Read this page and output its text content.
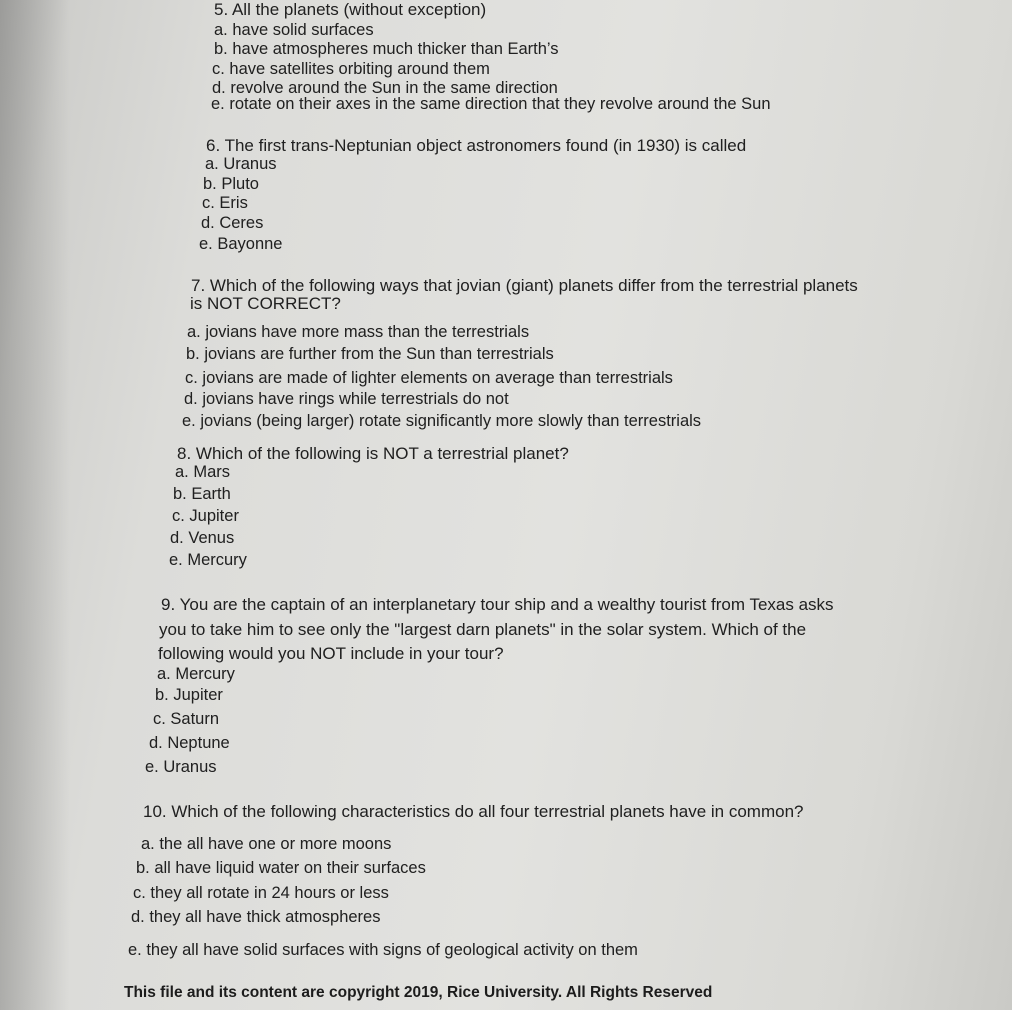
5. All the planets (without exception)
a. have solid surfaces
b. have atmospheres much thicker than Earth’s
c. have satellites orbiting around them
d. revolve around the Sun in the same direction
e. rotate on their axes in the same direction that they revolve around the Sun
6. The first trans-Neptunian object astronomers found (in 1930) is called
a. Uranus
b. Pluto
c. Eris
d. Ceres
e. Bayonne
7. Which of the following ways that jovian (giant) planets differ from the terrestrial planets
is NOT CORRECT?
a. jovians have more mass than the terrestrials
b. jovians are further from the Sun than terrestrials
c. jovians are made of lighter elements on average than terrestrials
d. jovians have rings while terrestrials do not
e. jovians (being larger) rotate significantly more slowly than terrestrials
8. Which of the following is NOT a terrestrial planet?
a. Mars
b. Earth
c. Jupiter
d. Venus
e. Mercury
9. You are the captain of an interplanetary tour ship and a wealthy tourist from Texas asks
you to take him to see only the "largest darn planets" in the solar system. Which of the
following would you NOT include in your tour?
a. Mercury
b. Jupiter
c. Saturn
d. Neptune
e. Uranus
10. Which of the following characteristics do all four terrestrial planets have in common?
a. the all have one or more moons
b. all have liquid water on their surfaces
c. they all rotate in 24 hours or less
d. they all have thick atmospheres
e. they all have solid surfaces with signs of geological activity on them
This file and its content are copyright 2019, Rice University. All Rights Reserved
